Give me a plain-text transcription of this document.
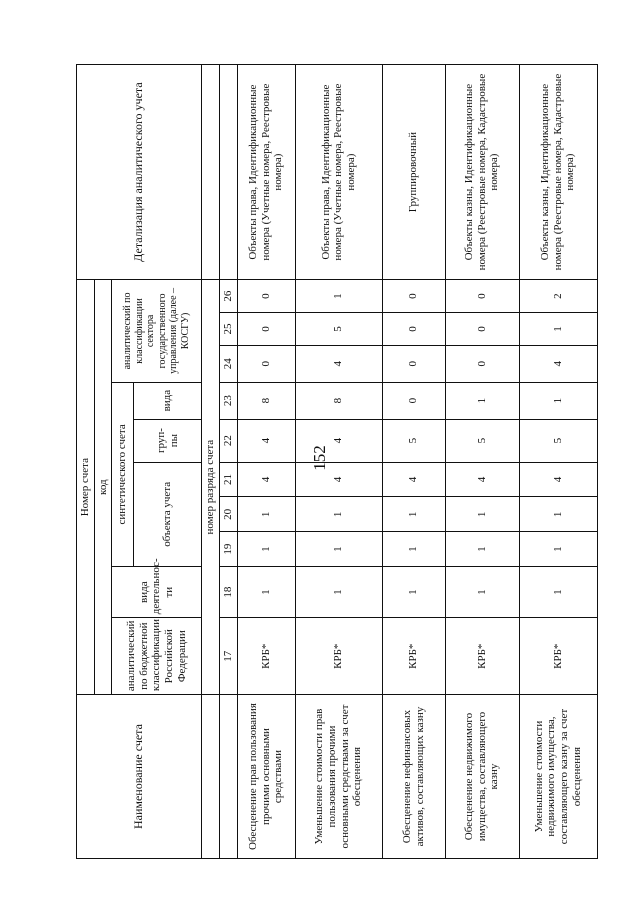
152
Наименование счета	Номер счета										Детализация аналитического учета
	код										
	аналитический по бюджетной классификации Российской Федерации	вида деятельнос-ти	синтетического счета					аналитический по классификации сектора государственного управления (далее – КОСГУ)			
			объекта учета			груп-пы	вида				

	номер разряда счета										
	17	18	19	20	21	22	23	24	25	26	
Обесценение прав пользования прочими основными средствами	КРБ*	1	1	1	4	4	8	0	0	0	Объекты права, Идентификационные номера (Учетные номера, Реестровые номера)
Уменьшение стоимости прав пользования прочими основными средствами за счет обесценения	КРБ*	1	1	1	4	4	8	4	5	1	Объекты права, Идентификационные номера (Учетные номера, Реестровые номера)
Обесценение нефинансовых активов, составляющих казну	КРБ*	1	1	1	4	5	0	0	0	0	Группировочный
Обесценение недвижимого имущества, составляющего казну	КРБ*	1	1	1	4	5	1	0	0	0	Объекты казны, Идентификационные номера (Реестровые номера, Кадастровые номера)
Уменьшение стоимости недвижимого имущества, составляющего казну за счет обесценения	КРБ*	1	1	1	4	5	1	4	1	2	Объекты казны, Идентификационные номера (Реестровые номера, Кадастровые номера)
